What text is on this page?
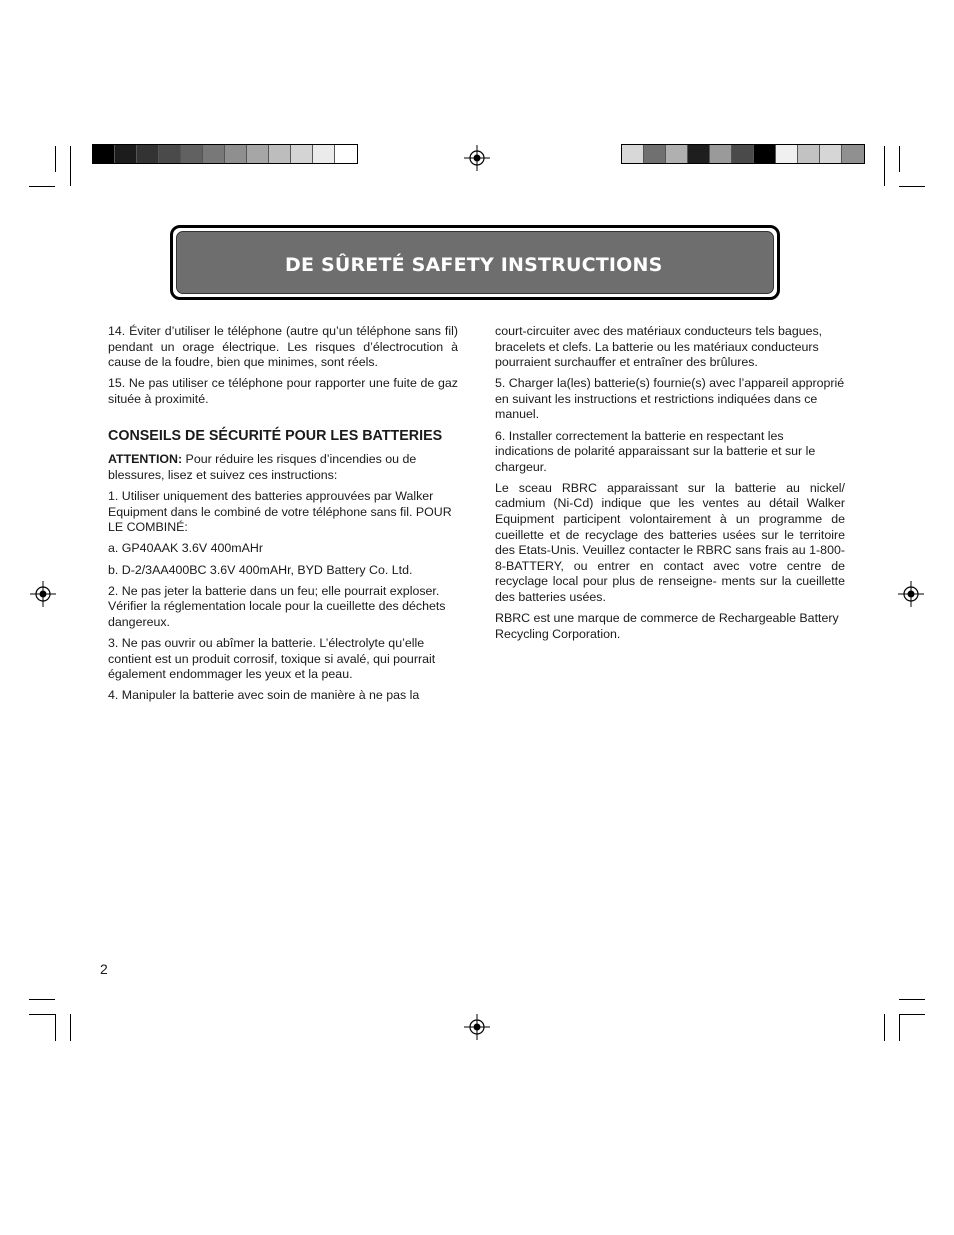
DE SÛRETÉ SAFETY INSTRUCTIONS

14. Éviter d’utiliser le téléphone (autre qu’un téléphone sans fil) pendant un orage électrique. Les risques d’électrocution à cause de la foudre, bien que minimes, sont réels.

15. Ne pas utiliser ce téléphone pour rapporter une fuite de gaz située à proximité.

CONSEILS DE SÉCURITÉ POUR LES BATTERIES

ATTENTION: Pour réduire les risques d’incendies ou de blessures, lisez et suivez ces instructions:

1. Utiliser uniquement des batteries approuvées par Walker Equipment dans le combiné de votre téléphone sans fil. POUR LE COMBINÉ:

a. GP40AAK 3.6V 400mAHr

b. D-2/3AA400BC 3.6V 400mAHr, BYD Battery Co. Ltd.

2. Ne pas jeter la batterie dans un feu; elle pourrait exploser. Vérifier la réglementation locale pour la cueillette des déchets dangereux.

3. Ne pas ouvrir ou abîmer la batterie. L’électrolyte qu’elle contient est un produit corrosif, toxique si avalé, qui pourrait également endommager les yeux et la peau.

4. Manipuler la batterie avec soin de manière à ne pas la

court-circuiter avec des matériaux conducteurs tels bagues, bracelets et clefs. La batterie ou les matériaux conducteurs pourraient surchauffer et entraîner des brûlures.

5. Charger la(les) batterie(s) fournie(s) avec l’appareil approprié en suivant les instructions et restrictions indiquées dans ce manuel.

6. Installer correctement la batterie en respectant les indications de polarité apparaissant sur la batterie et sur le chargeur.

Le sceau RBRC apparaissant sur la batterie au nickel/ cadmium (Ni-Cd) indique que les ventes au détail Walker Equipment participent volontairement à un programme de cueillette et de recyclage des batteries usées sur le territoire des Etats-Unis. Veuillez contacter le RBRC sans frais au 1-800-8-BATTERY, ou entrer en contact avec votre centre de recyclage local pour plus de renseigne- ments sur la cueillette des batteries usées.

RBRC est une marque de commerce de Rechargeable Battery Recycling Corporation.

2
